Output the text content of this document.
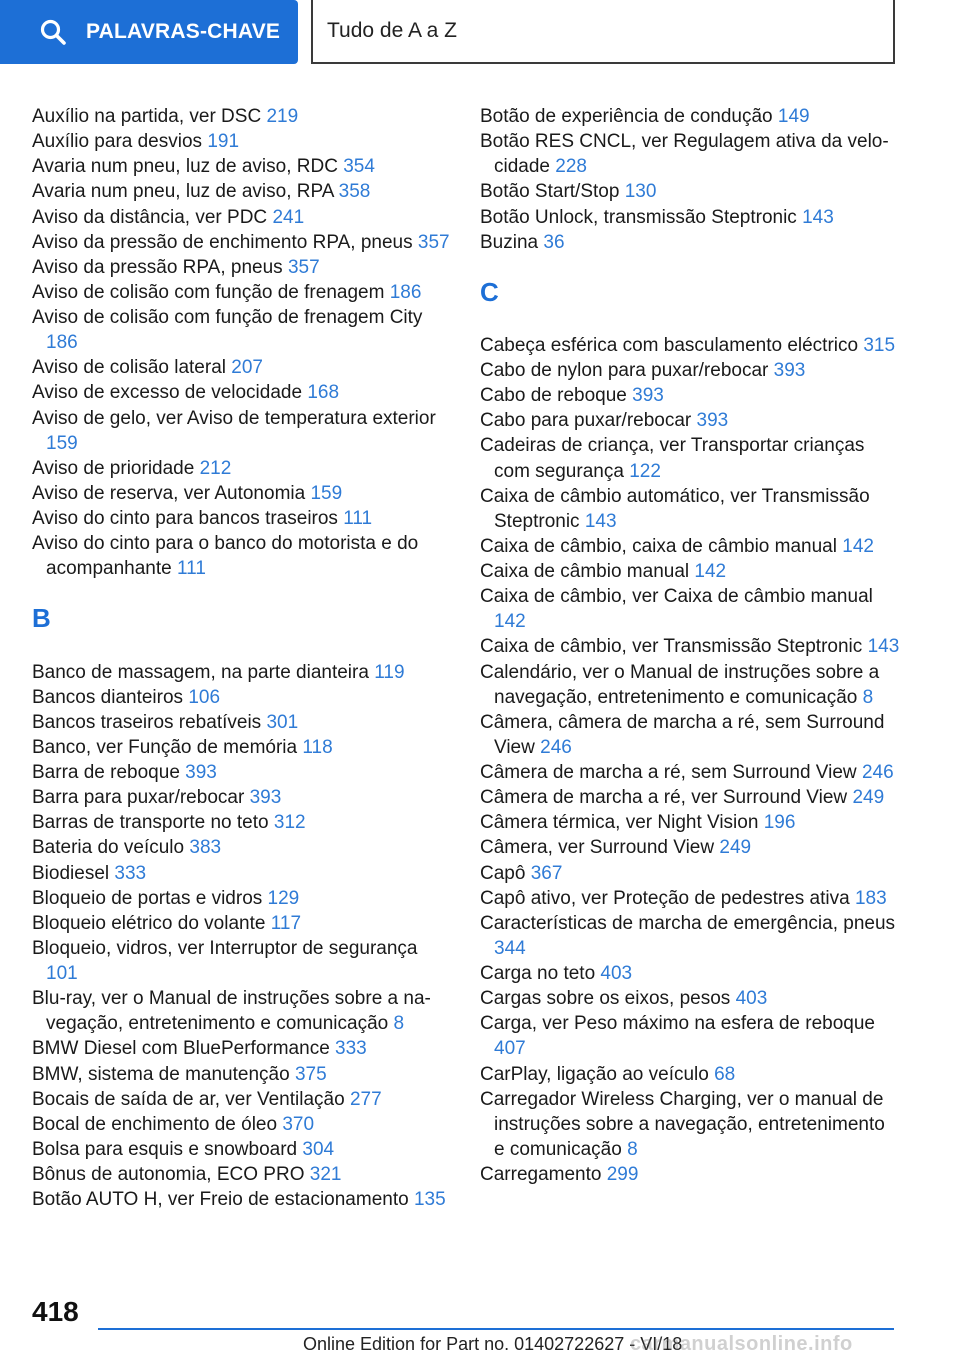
PALAVRAS-CHAVE Tudo de A a Z
Auxílio na partida, ver DSC 219
Auxílio para desvios 191
Avaria num pneu, luz de aviso, RDC 354
Avaria num pneu, luz de aviso, RPA 358
Aviso da distância, ver PDC 241
Aviso da pressão de enchimento RPA, pneus 357
Aviso da pressão RPA, pneus 357
Aviso de colisão com função de frenagem 186
Aviso de colisão com função de frenagem City 186
Aviso de colisão lateral 207
Aviso de excesso de velocidade 168
Aviso de gelo, ver Aviso de temperatura exterior 159
Aviso de prioridade 212
Aviso de reserva, ver Autonomia 159
Aviso do cinto para bancos traseiros 111
Aviso do cinto para o banco do motorista e do acompanhante 111
B
Banco de massagem, na parte dianteira 119
Bancos dianteiros 106
Bancos traseiros rebatíveis 301
Banco, ver Função de memória 118
Barra de reboque 393
Barra para puxar/rebocar 393
Barras de transporte no teto 312
Bateria do veículo 383
Biodiesel 333
Bloqueio de portas e vidros 129
Bloqueio elétrico do volante 117
Bloqueio, vidros, ver Interruptor de segurança 101
Blu-ray, ver o Manual de instruções sobre a navegação, entretenimento e comunicação 8
BMW Diesel com BluePerformance 333
BMW, sistema de manutenção 375
Bocais de saída de ar, ver Ventilação 277
Bocal de enchimento de óleo 370
Bolsa para esquis e snowboard 304
Bônus de autonomia, ECO PRO 321
Botão AUTO H, ver Freio de estacionamento 135
Botão de experiência de condução 149
Botão RES CNCL, ver Regulagem ativa da velocidade 228
Botão Start/Stop 130
Botão Unlock, transmissão Steptronic 143
Buzina 36
C
Cabeça esférica com basculamento eléctrico 315
Cabo de nylon para puxar/rebocar 393
Cabo de reboque 393
Cabo para puxar/rebocar 393
Cadeiras de criança, ver Transportar crianças com segurança 122
Caixa de câmbio automático, ver Transmissão Steptronic 143
Caixa de câmbio, caixa de câmbio manual 142
Caixa de câmbio manual 142
Caixa de câmbio, ver Caixa de câmbio manual 142
Caixa de câmbio, ver Transmissão Steptronic 143
Calendário, ver o Manual de instruções sobre a navegação, entretenimento e comunicação 8
Câmera, câmera de marcha a ré, sem Surround View 246
Câmera de marcha a ré, sem Surround View 246
Câmera de marcha a ré, ver Surround View 249
Câmera térmica, ver Night Vision 196
Câmera, ver Surround View 249
Capô 367
Capô ativo, ver Proteção de pedestres ativa 183
Características de marcha de emergência, pneus 344
Carga no teto 403
Cargas sobre os eixos, pesos 403
Carga, ver Peso máximo na esfera de reboque 407
CarPlay, ligação ao veículo 68
Carregador Wireless Charging, ver o manual de instruções sobre a navegação, entretenimento e comunicação 8
Carregamento 299
418
Online Edition for Part no. 01402722627 - VI/18
carmanualsonline.info
